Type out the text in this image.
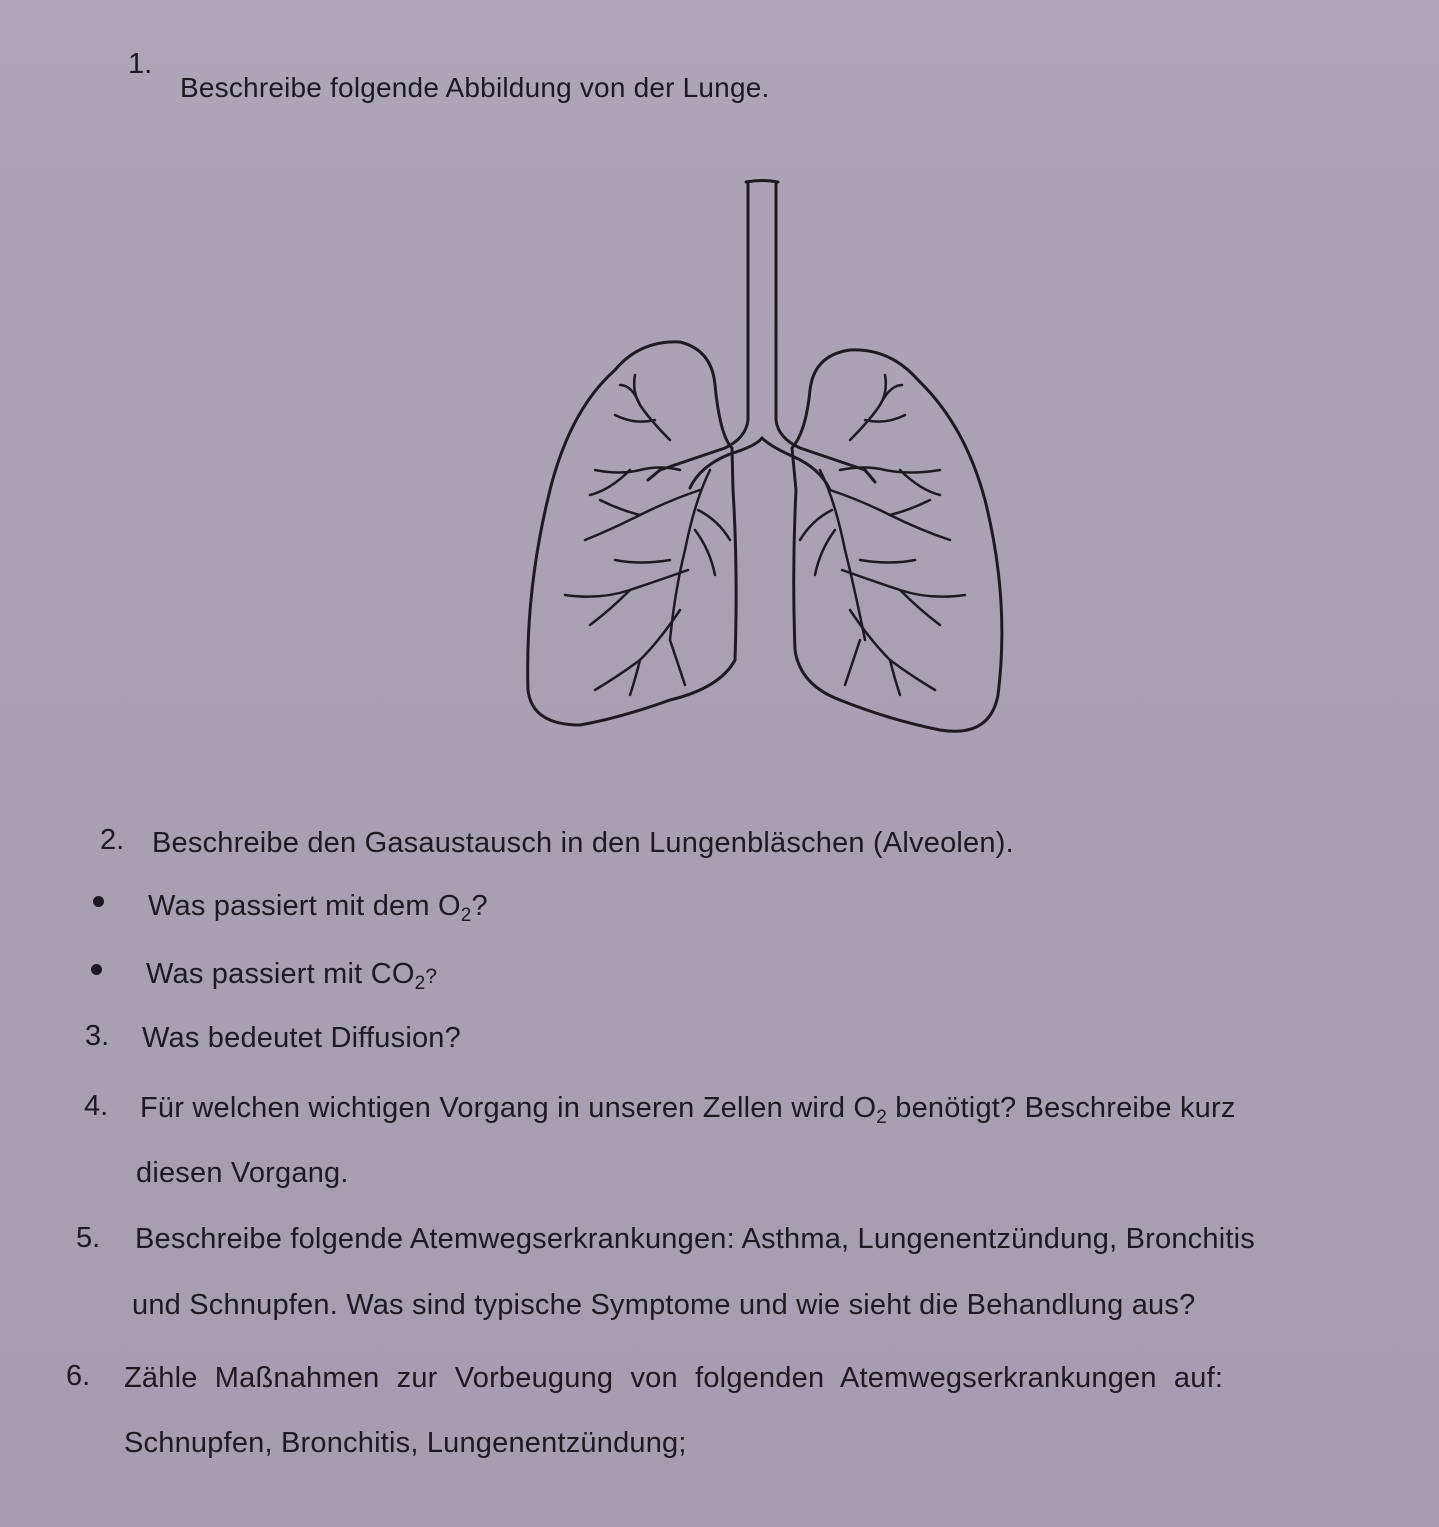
1.
Beschreibe folgende Abbildung von der Lunge.
2. Beschreibe den Gasaustausch in den Lungenbläschen (Alveolen).
Was passiert mit dem $O_2$?
Was passiert mit $CO_2$?
3. Was bedeutet Diffusion?
4. Für welchen wichtigen Vorgang in unseren Zellen wird $O_2$ benötigt? Beschreibe kurz
diesen Vorgang.
5. Beschreibe folgende Atemwegserkrankungen: Asthma, Lungenentzündung, Bronchitis
und Schnupfen. Was sind typische Symptome und wie sieht die Behandlung aus?
6. Zähle Maßnahmen zur Vorbeugung von folgenden Atemwegserkrankungen auf:
Schnupfen, Bronchitis, Lungenentzündung;
